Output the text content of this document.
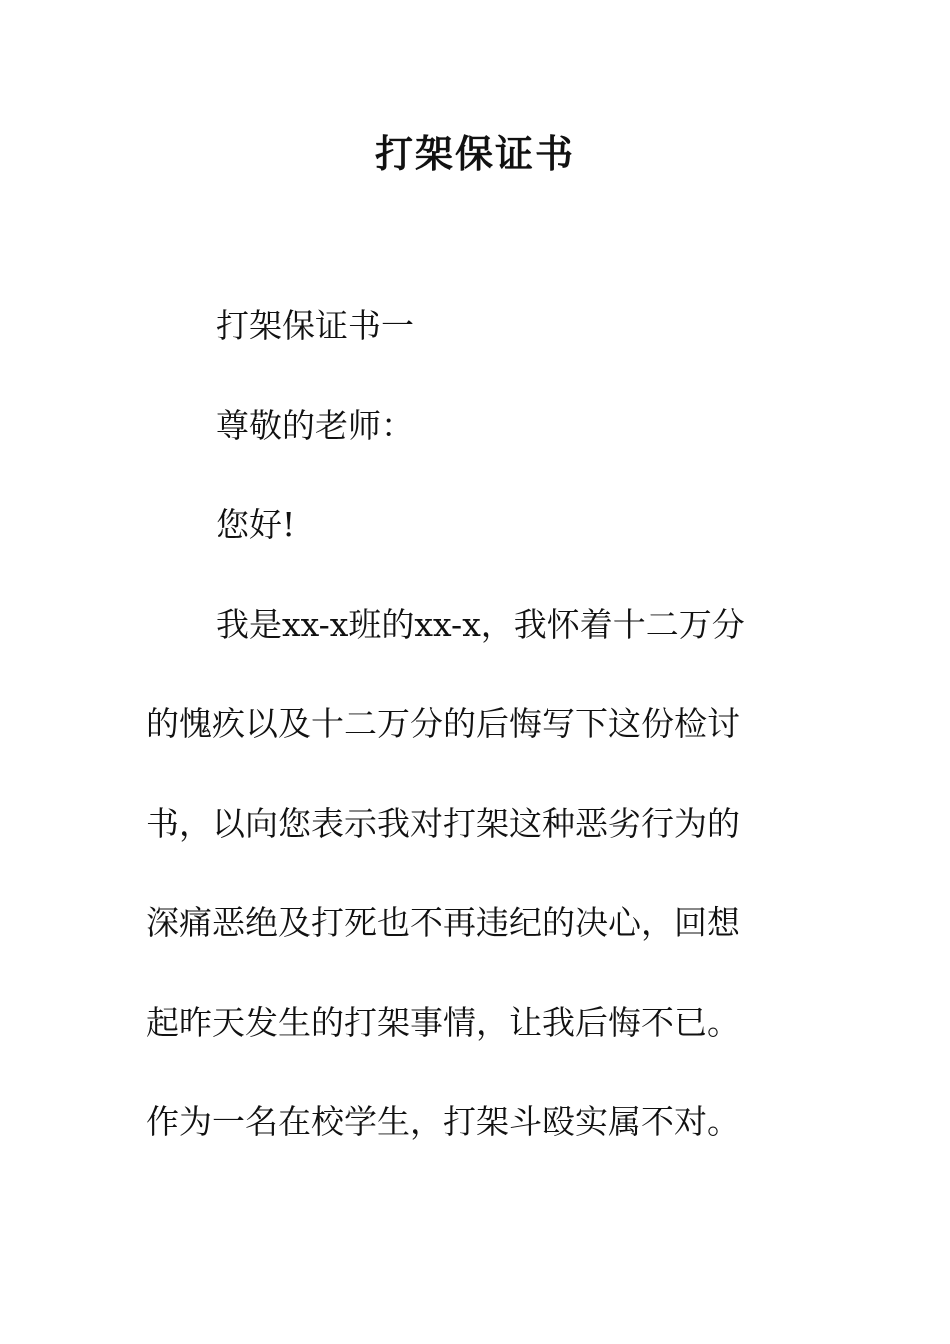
打架保证书

打架保证书一

尊敬的老师：

您好!

我是xx-x班的xx-x，我怀着十二万分

的愧疚以及十二万分的后悔写下这份检讨

书，以向您表示我对打架这种恶劣行为的

深痛恶绝及打死也不再违纪的决心，回想

起昨天发生的打架事情，让我后悔不已。

作为一名在校学生，打架斗殴实属不对。
